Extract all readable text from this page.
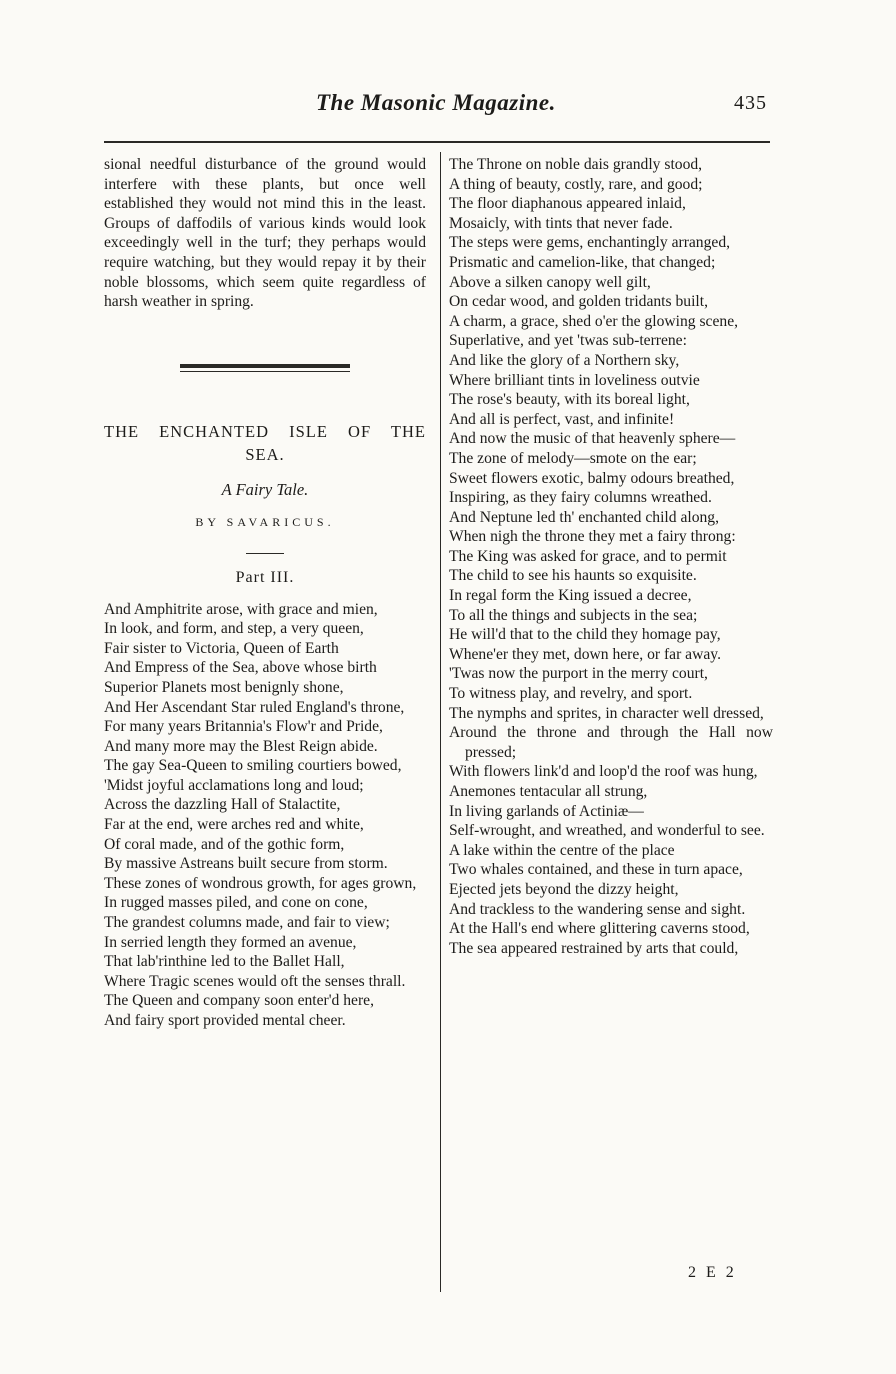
The Masonic Magazine.	435

sional needful disturbance of the ground would interfere with these plants, but once well established they would not mind this in the least. Groups of daffodils of various kinds would look exceedingly well in the turf; they perhaps would require watching, but they would repay it by their noble blossoms, which seem quite regardless of harsh weather in spring.

THE ENCHANTED ISLE OF THE
SEA.
A Fairy Tale.
BY SAVARICUS.
Part III.
And Amphitrite arose, with grace and mien,
In look, and form, and step, a very queen,
Fair sister to Victoria, Queen of Earth
And Empress of the Sea, above whose birth
Superior Planets most benignly shone,
And Her Ascendant Star ruled England's throne,
For many years Britannia's Flow'r and Pride,
And many more may the Blest Reign abide.
The gay Sea-Queen to smiling courtiers bowed,
'Midst joyful acclamations long and loud;
Across the dazzling Hall of Stalactite,
Far at the end, were arches red and white,
Of coral made, and of the gothic form,
By massive Astreans built secure from storm.
These zones of wondrous growth, for ages grown,
In rugged masses piled, and cone on cone,
The grandest columns made, and fair to view;
In serried length they formed an avenue,
That lab'rinthine led to the Ballet Hall,
Where Tragic scenes would oft the senses thrall.
The Queen and company soon enter'd here,
And fairy sport provided mental cheer.
The Throne on noble dais grandly stood,
A thing of beauty, costly, rare, and good;
The floor diaphanous appeared inlaid,
Mosaicly, with tints that never fade.
The steps were gems, enchantingly arranged,
Prismatic and camelion-like, that changed;
Above a silken canopy well gilt,
On cedar wood, and golden tridants built,
A charm, a grace, shed o'er the glowing scene,
Superlative, and yet 'twas sub-terrene:
And like the glory of a Northern sky,
Where brilliant tints in loveliness outvie
The rose's beauty, with its boreal light,
And all is perfect, vast, and infinite!
And now the music of that heavenly sphere—
The zone of melody—smote on the ear;
Sweet flowers exotic, balmy odours breathed,
Inspiring, as they fairy columns wreathed.
And Neptune led th' enchanted child along,
When nigh the throne they met a fairy throng:
The King was asked for grace, and to permit
The child to see his haunts so exquisite.
In regal form the King issued a decree,
To all the things and subjects in the sea;
He will'd that to the child they homage pay,
Whene'er they met, down here, or far away.
'Twas now the purport in the merry court,
To witness play, and revelry, and sport.
The nymphs and sprites, in character well dressed,
Around the throne and through the Hall now pressed;
With flowers link'd and loop'd the roof was hung,
Anemones tentacular all strung,
In living garlands of Actiniæ—
Self-wrought, and wreathed, and wonderful to see.
A lake within the centre of the place
Two whales contained, and these in turn apace,
Ejected jets beyond the dizzy height,
And trackless to the wandering sense and sight.
At the Hall's end where glittering caverns stood,
The sea appeared restrained by arts that could,
2 E 2
